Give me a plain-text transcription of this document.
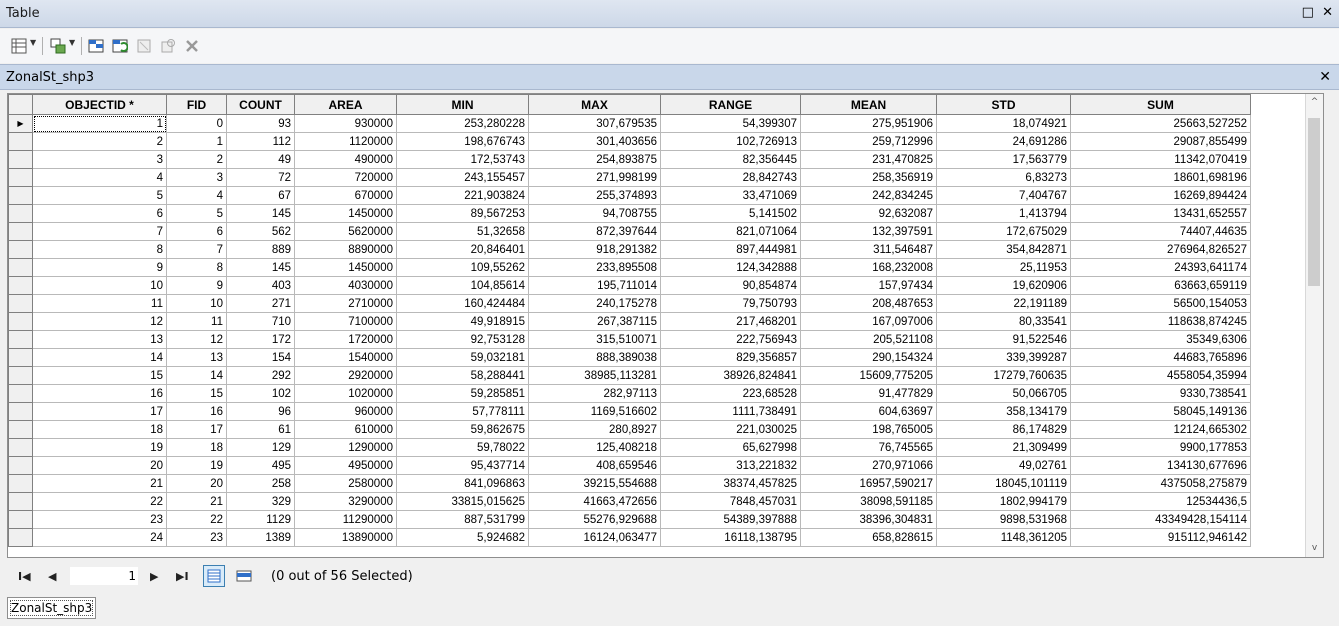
Table	□ ✕
▼	▼
ZonalSt_shp3	✕
	OBJECTID *	FID	COUNT	AREA	MIN	MAX	RANGE	MEAN	STD	SUM	
▶	1	0	93	930000	253,280228	307,679535	54,399307	275,951906	18,074921	25663,527252	
	2	1	112	1120000	198,676743	301,403656	102,726913	259,712996	24,691286	29087,855499	
	3	2	49	490000	172,53743	254,893875	82,356445	231,470825	17,563779	11342,070419	
	4	3	72	720000	243,155457	271,998199	28,842743	258,356919	6,83273	18601,698196	
	5	4	67	670000	221,903824	255,374893	33,471069	242,834245	7,404767	16269,894424	
	6	5	145	1450000	89,567253	94,708755	5,141502	92,632087	1,413794	13431,652557	
	7	6	562	5620000	51,32658	872,397644	821,071064	132,397591	172,675029	74407,44635	
	8	7	889	8890000	20,846401	918,291382	897,444981	311,546487	354,842871	276964,826527	
	9	8	145	1450000	109,55262	233,895508	124,342888	168,232008	25,11953	24393,641174	
	10	9	403	4030000	104,85614	195,711014	90,854874	157,97434	19,620906	63663,659119	
	11	10	271	2710000	160,424484	240,175278	79,750793	208,487653	22,191189	56500,154053	
	12	11	710	7100000	49,918915	267,387115	217,468201	167,097006	80,33541	118638,874245	
	13	12	172	1720000	92,753128	315,510071	222,756943	205,521108	91,522546	35349,6306	
	14	13	154	1540000	59,032181	888,389038	829,356857	290,154324	339,399287	44683,765896	
	15	14	292	2920000	58,288441	38985,113281	38926,824841	15609,775205	17279,760635	4558054,35994	
	16	15	102	1020000	59,285851	282,97113	223,68528	91,477829	50,066705	9330,738541	
	17	16	96	960000	57,778111	1169,516602	1111,738491	604,63697	358,134179	58045,149136	
	18	17	61	610000	59,862675	280,8927	221,030025	198,765005	86,174829	12124,665302	
	19	18	129	1290000	59,78022	125,408218	65,627998	76,745565	21,309499	9900,177853	
	20	19	495	4950000	95,437714	408,659546	313,221832	270,971066	49,02761	134130,677696	
	21	20	258	2580000	841,096863	39215,554688	38374,457825	16957,590217	18045,101119	4375058,275879	
	22	21	329	3290000	33815,015625	41663,472656	7848,457031	38098,591185	1802,994179	12534436,5	
	23	22	1129	11290000	887,531799	55276,929688	54389,397888	38396,304831	9898,531968	43349428,154114	
	24	23	1389	13890000	5,924682	16124,063477	16118,138795	658,828615	1148,361205	915112,946142	
^
v
I◀ ◀	1 ▶ ▶I	(0 out of 56 Selected)
ZonalSt_shp3
